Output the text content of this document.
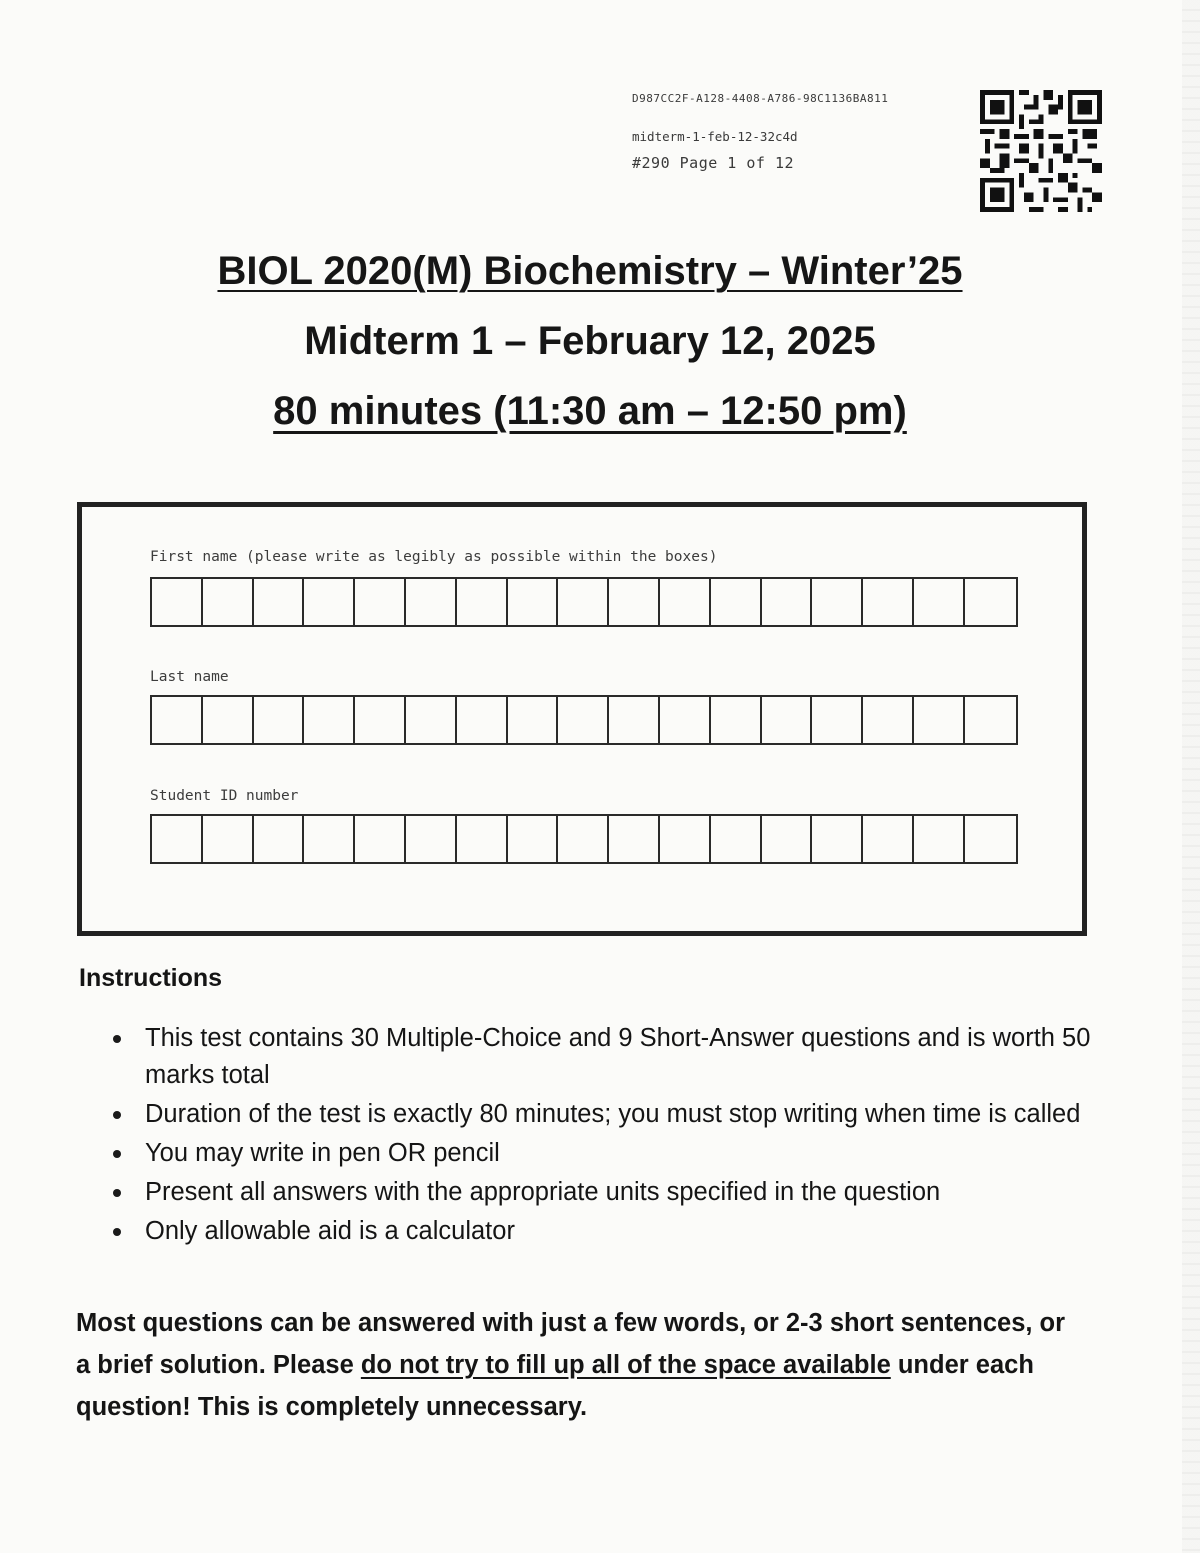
D987CC2F-A128-4408-A786-98C1136BA811
midterm-1-feb-12-32c4d
#290 Page 1 of 12

BIOL 2020(M) Biochemistry – Winter’25

Midterm 1 – February 12, 2025

80 minutes (11:30 am – 12:50 pm)

First name (please write as legibly as possible within the boxes)
Last name
Student ID number
Instructions
This test contains 30 Multiple-Choice and 9 Short-Answer questions and is worth 50 marks total
Duration of the test is exactly 80 minutes; you must stop writing when time is called
You may write in pen OR pencil
Present all answers with the appropriate units specified in the question
Only allowable aid is a calculator

Most questions can be answered with just a few words, or 2-3 short sentences, or a brief solution. Please do not try to fill up all of the space available under each question! This is completely unnecessary.
